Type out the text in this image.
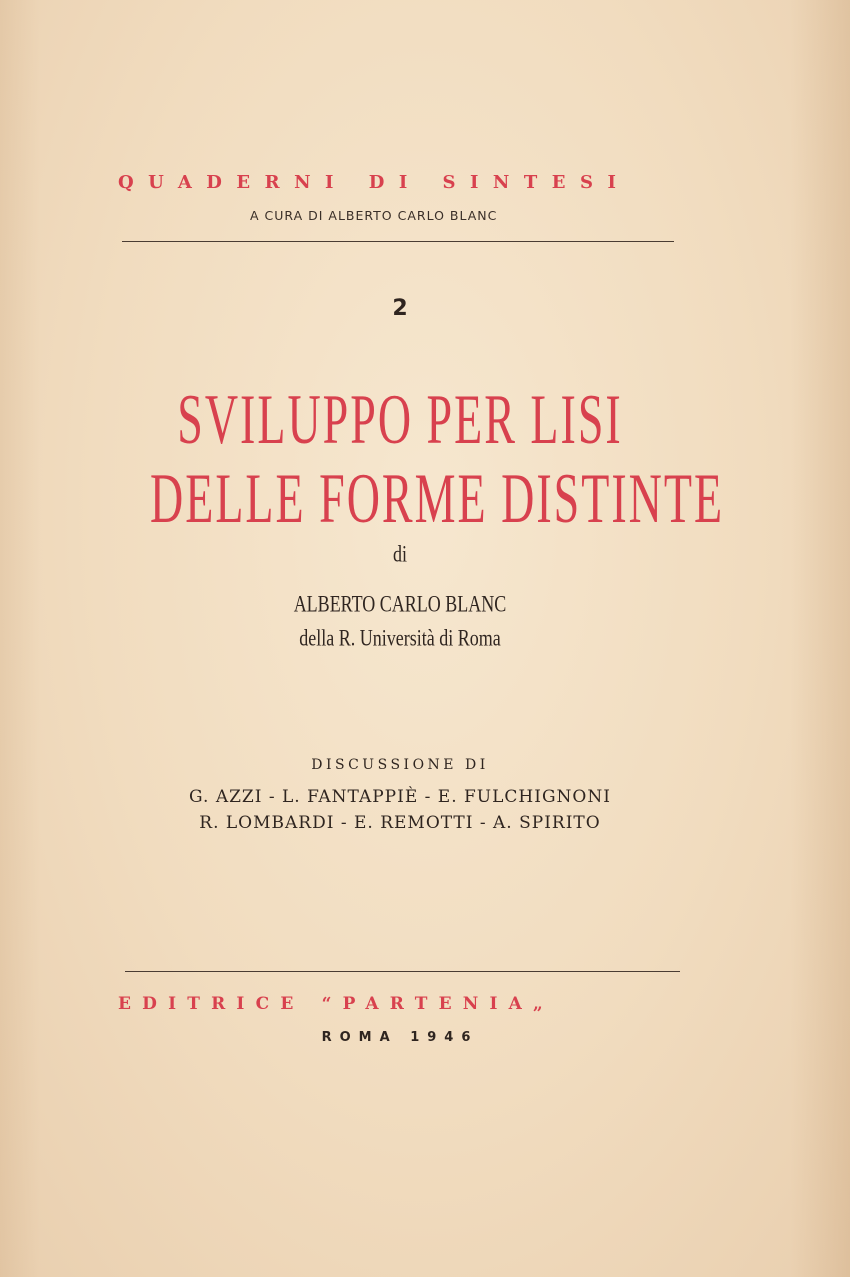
QUADERNI DI SINTESI
A CURA DI ALBERTO CARLO BLANC
2
SVILUPPO PER LISI
DELLE FORME DISTINTE
di
ALBERTO CARLO BLANC
della R. Università di Roma
DISCUSSIONE DI
G. AZZI - L. FANTAPPIÈ - E. FULCHIGNONI
R. LOMBARDI - E. REMOTTI - A. SPIRITO
EDITRICE “PARTENIA„
ROMA 1946
